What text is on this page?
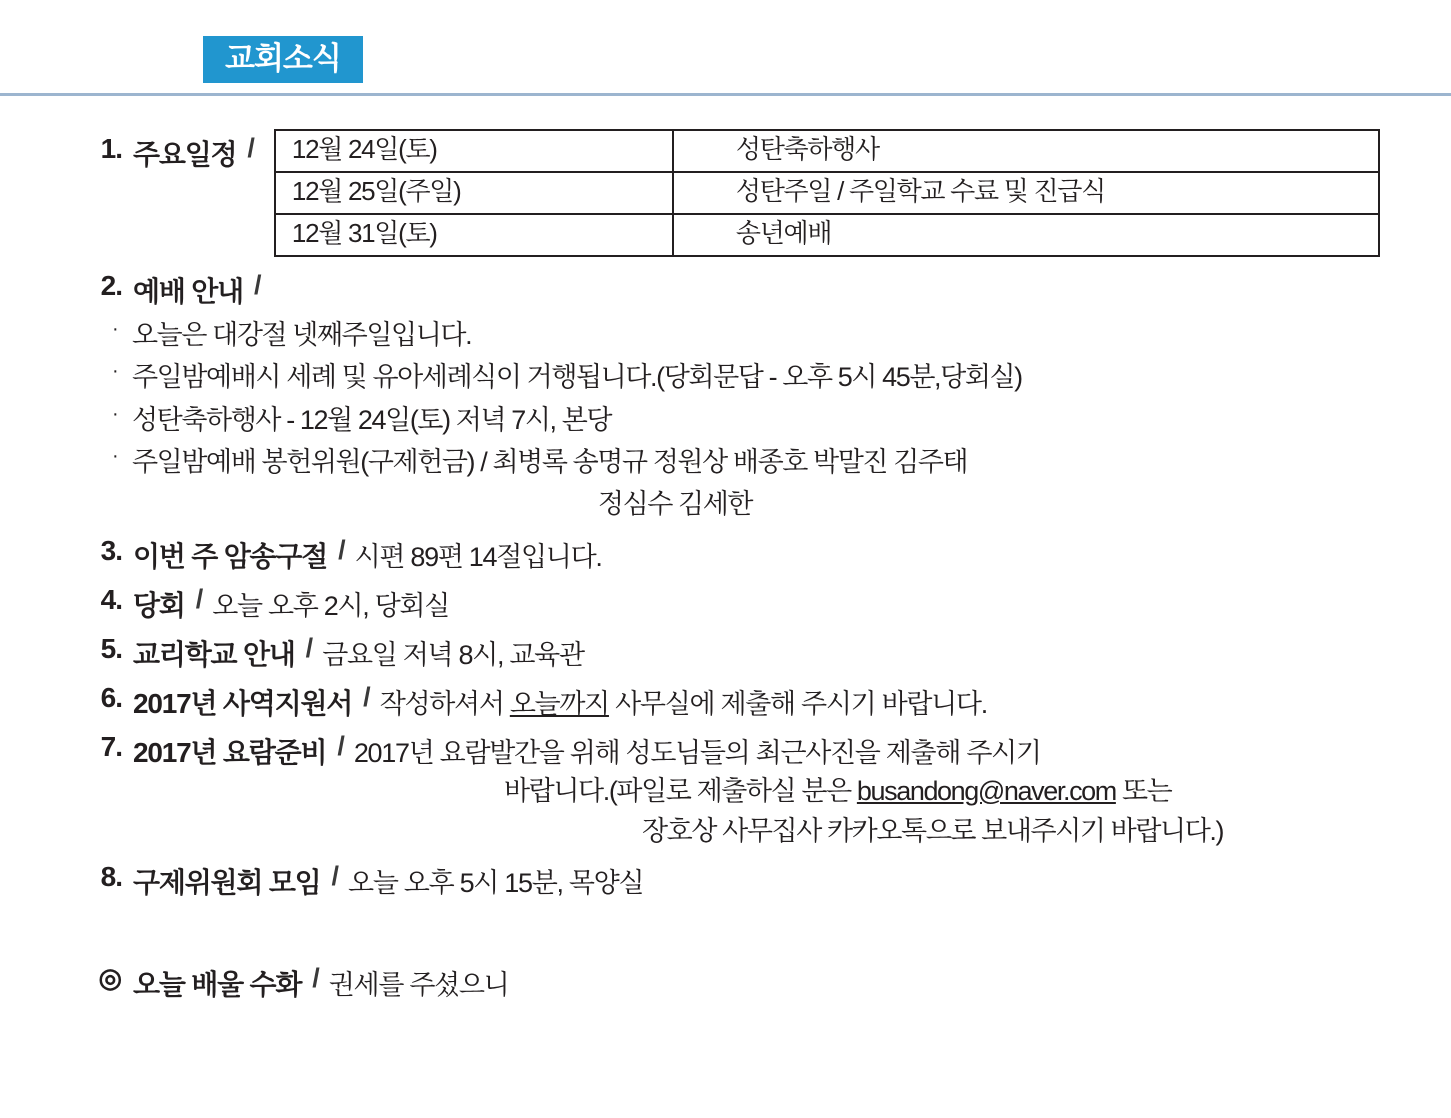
교회소식
1. 주요일정 /	12월 24일(토)	성탄축하행사
12월 25일(주일)	성탄주일 / 주일학교 수료 및 진급식
12월 31일(토)	송년예배
2. 예배 안내 /
· 오늘은 대강절 넷째주일입니다.
· 주일밤예배시 세례 및 유아세례식이 거행됩니다.(당회문답 - 오후 5시 45분,당회실)
· 성탄축하행사 - 12월 24일(토) 저녁 7시, 본당
· 주일밤예배 봉헌위원(구제헌금) / 최병록 송명규 정원상 배종호 박말진 김주태
정심수 김세한
3. 이번 주 암송구절 / 시편 89편 14절입니다.
4. 당회 / 오늘 오후 2시, 당회실
5. 교리학교 안내 / 금요일 저녁 8시, 교육관
6. 2017년 사역지원서 / 작성하셔서 오늘까지 사무실에 제출해 주시기 바랍니다.
7. 2017년 요람준비 / 2017년 요람발간을 위해 성도님들의 최근사진을 제출해 주시기
바랍니다.(파일로 제출하실 분은 busandong@naver.com 또는
장호상 사무집사 카카오톡으로 보내주시기 바랍니다.)
8. 구제위원회 모임 / 오늘 오후 5시 15분, 목양실
◎ 오늘 배울 수화 / 권세를 주셨으니
